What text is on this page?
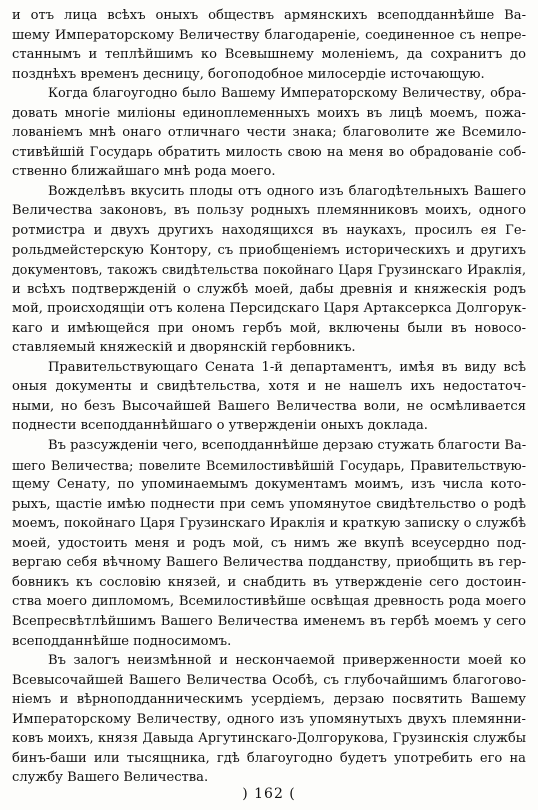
и отъ лица всѣхъ оныхъ обществъ армянскихъ всеподданнѣйше Ва-
шему Императорскому Величеству благодареніе, соединенное съ непре-
станнымъ и теплѣйшимъ ко Всевышнему моленіемъ, да сохранитъ до
позднѣхъ временъ десницу, богоподобное милосердіе источающую.
Когда благоугодно было Вашему Императорскому Величеству, обра-
довать многіе миліоны единоплеменныхъ моихъ въ лицѣ моемъ, пожа-
лованіемъ мнѣ онаго отличнаго чести знака; благоволите же Всемило-
стивѣйшій Государь обратить милость свою на меня во обрадованіе соб-
ственно ближайшаго мнѣ рода моего.
Вожделѣвъ вкусить плоды отъ одного изъ благодѣтельныхъ Вашего
Величества законовъ, въ пользу родныхъ племянниковъ моихъ, одного
ротмистра и двухъ другихъ находящихся въ наукахъ, просилъ ея Ге-
рольдмейстерскую Контору, съ приобщеніемъ историческихъ и другихъ
документовъ, такожъ свидѣтельства покойнаго Царя Грузинскаго Ираклія,
и всѣхъ подтвержденій о службѣ моей, дабы древнія и княжескія родъ
мой, происходящіи отъ колена Персидскаго Царя Артаксеркса Долгорук-
каго и имѣющейся при ономъ гербъ мой, включены были въ новосо-
ставляемый княжескій и дворянскій гербовникъ.
Правительствующаго Сената 1-й департаментъ, имѣя въ виду всѣ
оныя документы и свидѣтельства, хотя и не нашелъ ихъ недостаточ-
ными, но безъ Высочайшей Вашего Величества воли, не осмѣливается
поднести всеподданнѣйшаго о утвержденіи оныхъ доклада.
Въ разсужденіи чего, всеподданнѣйше дерзаю стужать благости Ва-
шего Величества; повелите Всемилостивѣйшій Государь, Правительствую-
щему Сенату, по упоминаемымъ документамъ моимъ, изъ числа кото-
рыхъ, щастіе имѣю поднести при семъ упомянутое свидѣтельство о родѣ
моемъ, покойнаго Царя Грузинскаго Ираклія и краткую записку о службѣ
моей, удостоить меня и родъ мой, съ нимъ же вкупѣ всеусердно под-
вергаю себя вѣчному Вашего Величества подданству, приобщить въ гер-
бовникъ къ сословію князей, и снабдить въ утвержденіе сего достоин-
ства моего дипломомъ, Всемилостивѣйше освѣщая древность рода моего
Всепресвѣтлѣйшимъ Вашего Величества именемъ въ гербѣ моемъ у сего
всеподданнѣйше подносимомъ.
Въ залогъ неизмѣнной и нескончаемой приверженности моей ко
Всевысочайшей Вашего Величества Особѣ, съ глубочайшимъ благогово-
ніемъ и вѣрноподданническимъ усердіемъ, дерзаю посвятить Вашему
Императорскому Величеству, одного изъ упомянутыхъ двухъ племянни-
ковъ моихъ, князя Давыда Аргутинскаго-Долгорукова, Грузинскія службы
бинъ-баши или тысящника, гдѣ благоугодно будетъ употребить его на
службу Вашего Величества.
) 162 (
